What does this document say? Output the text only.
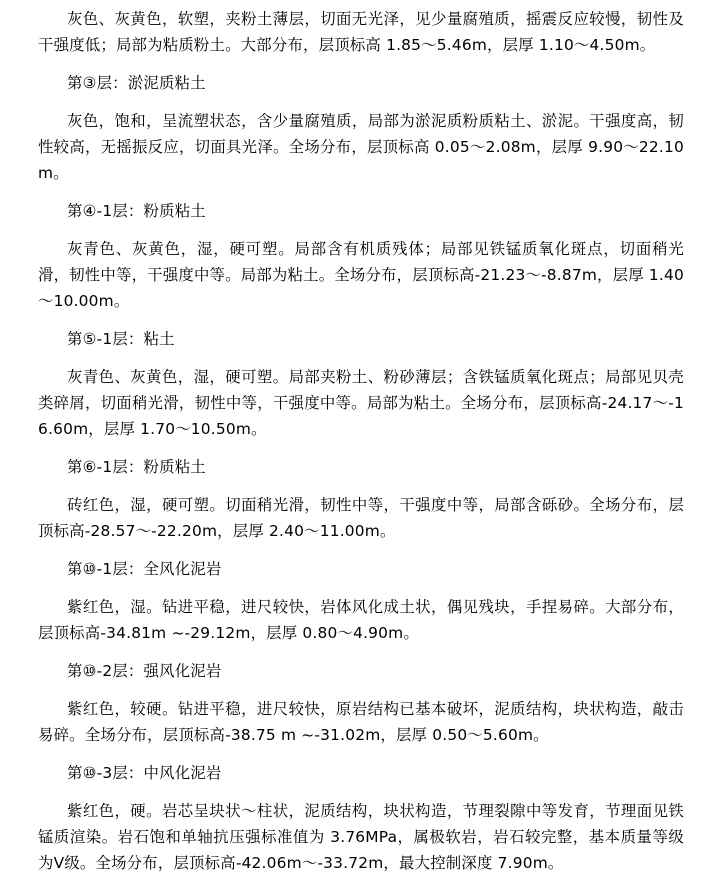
灰色、灰黄色，软塑，夹粉土薄层，切面无光泽，见少量腐殖质，摇震反应较慢，韧性及干强度低；局部为粘质粉土。大部分布，层顶标高 1.85～5.46m，层厚 1.10～4.50m。

第③层：淤泥质粘土

灰色，饱和，呈流塑状态，含少量腐殖质，局部为淤泥质粉质粘土、淤泥。干强度高，韧性较高，无摇振反应，切面具光泽。全场分布，层顶标高 0.05～2.08m，层厚 9.90～22.10m。

第④-1层：粉质粘土

灰青色、灰黄色，湿，硬可塑。局部含有机质残体；局部见铁锰质氧化斑点，切面稍光滑，韧性中等，干强度中等。局部为粘土。全场分布，层顶标高-21.23～-8.87m，层厚 1.40～10.00m。

第⑤-1层：粘土

灰青色、灰黄色，湿，硬可塑。局部夹粉土、粉砂薄层；含铁锰质氧化斑点；局部见贝壳类碎屑，切面稍光滑，韧性中等，干强度中等。局部为粘土。全场分布，层顶标高-24.17～-16.60m，层厚 1.70～10.50m。

第⑥-1层：粉质粘土

砖红色，湿，硬可塑。切面稍光滑，韧性中等，干强度中等，局部含砾砂。全场分布，层顶标高-28.57～-22.20m，层厚 2.40～11.00m。

第⑩-1层：全风化泥岩

紫红色，湿。钻进平稳，进尺较快，岩体风化成土状，偶见残块，手捏易碎。大部分布，层顶标高-34.81m ~-29.12m，层厚 0.80～4.90m。

第⑩-2层：强风化泥岩

紫红色，较硬。钻进平稳，进尺较快，原岩结构已基本破坏，泥质结构，块状构造，敲击易碎。全场分布，层顶标高-38.75 m ~-31.02m，层厚 0.50～5.60m。

第⑩-3层：中风化泥岩

紫红色，硬。岩芯呈块状～柱状，泥质结构，块状构造，节理裂隙中等发育，节理面见铁锰质渲染。岩石饱和单轴抗压强标准值为 3.76MPa，属极软岩，岩石较完整，基本质量等级为Ⅴ级。全场分布，层顶标高-42.06m～-33.72m，最大控制深度 7.90m。
